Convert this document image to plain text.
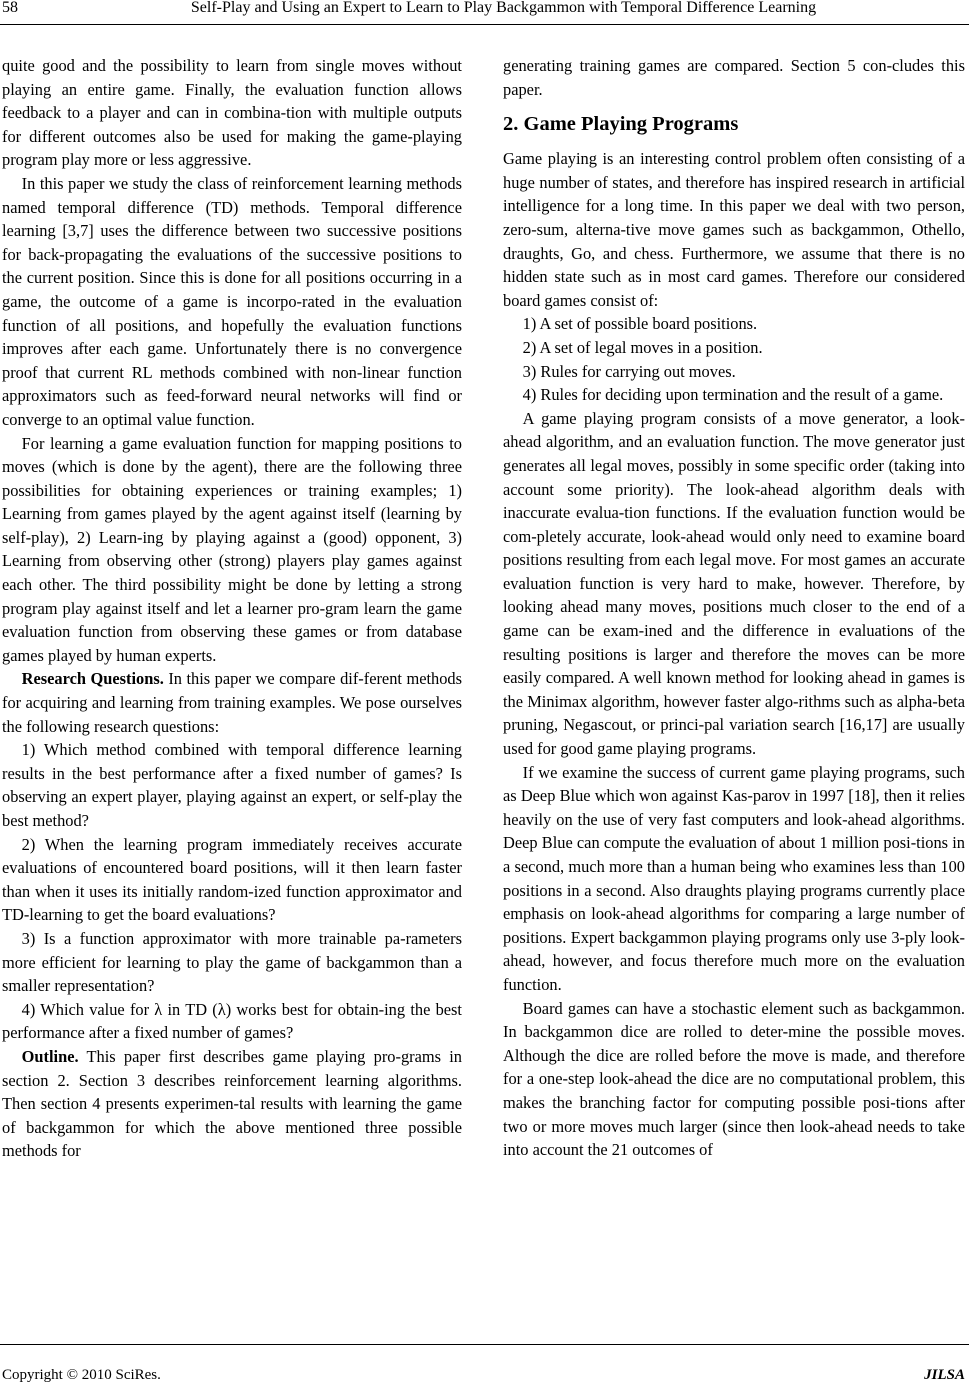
58	Self-Play and Using an Expert to Learn to Play Backgammon with Temporal Difference Learning

quite good and the possibility to learn from single moves without playing an entire game. Finally, the evaluation function allows feedback to a player and can in combina-tion with multiple outputs for different outcomes also be used for making the game-playing program play more or less aggressive.

In this paper we study the class of reinforcement learning methods named temporal difference (TD) methods. Temporal difference learning [3,7] uses the difference between two successive positions for back-propagating the evaluations of the successive positions to the current position. Since this is done for all positions occurring in a game, the outcome of a game is incorpo-rated in the evaluation function of all positions, and hopefully the evaluation functions improves after each game. Unfortunately there is no convergence proof that current RL methods combined with non-linear function approximators such as feed-forward neural networks will find or converge to an optimal value function.

For learning a game evaluation function for mapping positions to moves (which is done by the agent), there are the following three possibilities for obtaining experiences or training examples; 1) Learning from games played by the agent against itself (learning by self-play), 2) Learn-ing by playing against a (good) opponent, 3) Learning from observing other (strong) players play games against each other. The third possibility might be done by letting a strong program play against itself and let a learner pro-gram learn the game evaluation function from observing these games or from database games played by human experts.

Research Questions. In this paper we compare dif-ferent methods for acquiring and learning from training examples. We pose ourselves the following research questions:

1) Which method combined with temporal difference learning results in the best performance after a fixed number of games? Is observing an expert player, playing against an expert, or self-play the best method?

2) When the learning program immediately receives accurate evaluations of encountered board positions, will it then learn faster than when it uses its initially random-ized function approximator and TD-learning to get the board evaluations?

3) Is a function approximator with more trainable pa-rameters more efficient for learning to play the game of backgammon than a smaller representation?

4) Which value for λ in TD (λ) works best for obtain-ing the best performance after a fixed number of games?

Outline. This paper first describes game playing pro-grams in section 2. Section 3 describes reinforcement learning algorithms. Then section 4 presents experimen-tal results with learning the game of backgammon for which the above mentioned three possible methods for

generating training games are compared. Section 5 con-cludes this paper.

2. Game Playing Programs

Game playing is an interesting control problem often consisting of a huge number of states, and therefore has inspired research in artificial intelligence for a long time. In this paper we deal with two person, zero-sum, alterna-tive move games such as backgammon, Othello, draughts, Go, and chess. Furthermore, we assume that there is no hidden state such as in most card games. Therefore our considered board games consist of:

1) A set of possible board positions.

2) A set of legal moves in a position.

3) Rules for carrying out moves.

4) Rules for deciding upon termination and the result of a game.

A game playing program consists of a move generator, a look-ahead algorithm, and an evaluation function. The move generator just generates all legal moves, possibly in some specific order (taking into account some priority). The look-ahead algorithm deals with inaccurate evalua-tion functions. If the evaluation function would be com-pletely accurate, look-ahead would only need to examine board positions resulting from each legal move. For most games an accurate evaluation function is very hard to make, however. Therefore, by looking ahead many moves, positions much closer to the end of a game can be exam-ined and the difference in evaluations of the resulting positions is larger and therefore the moves can be more easily compared. A well known method for looking ahead in games is the Minimax algorithm, however faster algo-rithms such as alpha-beta pruning, Negascout, or princi-pal variation search [16,17] are usually used for good game playing programs.

If we examine the success of current game playing programs, such as Deep Blue which won against Kas-parov in 1997 [18], then it relies heavily on the use of very fast computers and look-ahead algorithms. Deep Blue can compute the evaluation of about 1 million posi-tions in a second, much more than a human being who examines less than 100 positions in a second. Also draughts playing programs currently place emphasis on look-ahead algorithms for comparing a large number of positions. Expert backgammon playing programs only use 3-ply look-ahead, however, and focus therefore much more on the evaluation function.

Board games can have a stochastic element such as backgammon. In backgammon dice are rolled to deter-mine the possible moves. Although the dice are rolled before the move is made, and therefore for a one-step look-ahead the dice are no computational problem, this makes the branching factor for computing possible posi-tions after two or more moves much larger (since then look-ahead needs to take into account the 21 outcomes of

Copyright © 2010 SciRes.	JILSA
